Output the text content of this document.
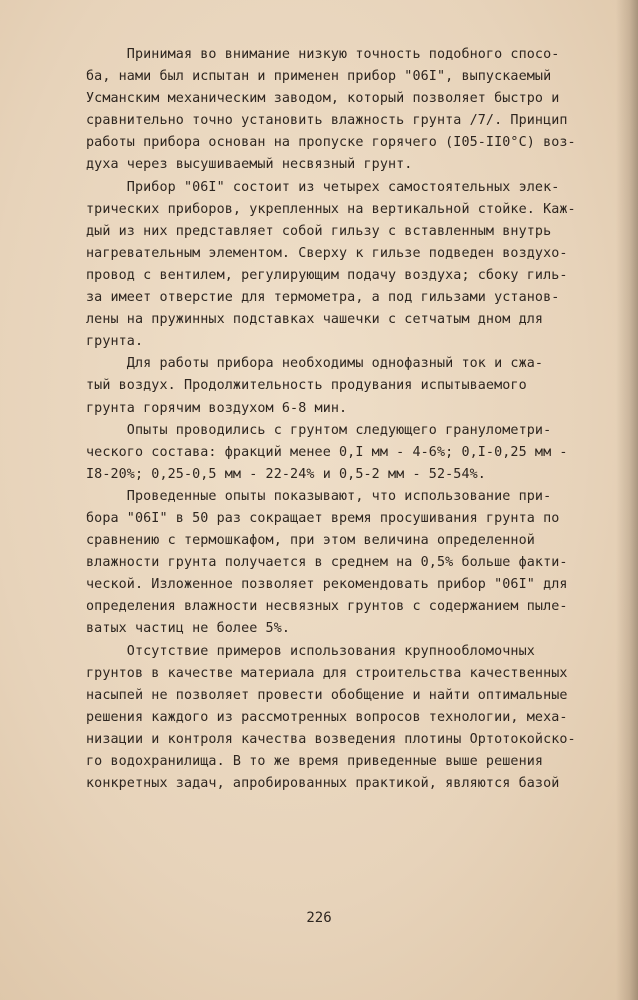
Принимая во внимание низкую точность подобного спосо-
ба, нами был испытан и применен прибор "06I", выпускаемый
Усманским механическим заводом, который позволяет быстро и
сравнительно точно установить влажность грунта /7/. Принцип
работы прибора основан на пропуске горячего (I05-II0°С) воз-
духа через высушиваемый несвязный грунт.
Прибор "06I" состоит из четырех самостоятельных элек-
трических приборов, укрепленных на вертикальной стойке. Каж-
дый из них представляет собой гильзу с вставленным внутрь
нагревательным элементом. Сверху к гильзе подведен воздухо-
провод с вентилем, регулирующим подачу воздуха; сбоку гиль-
за имеет отверстие для термометра, а под гильзами установ-
лены на пружинных подставках чашечки с сетчатым дном для
грунта.
Для работы прибора необходимы однофазный ток и сжа-
тый воздух. Продолжительность продувания испытываемого
грунта горячим воздухом 6-8 мин.
Опыты проводились с грунтом следующего гранулометри-
ческого состава: фракций менее 0,I мм - 4-6%; 0,I-0,25 мм -
I8-20%; 0,25-0,5 мм - 22-24% и 0,5-2 мм - 52-54%.
Проведенные опыты показывают, что использование при-
бора "06I" в 50 раз сокращает время просушивания грунта по
сравнению с термошкафом, при этом величина определенной
влажности грунта получается в среднем на 0,5% больше факти-
ческой. Изложенное позволяет рекомендовать прибор "06I" для
определения влажности несвязных грунтов с содержанием пыле-
ватых частиц не более 5%.
Отсутствие примеров использования крупнообломочных
грунтов в качестве материала для строительства качественных
насыпей не позволяет провести обобщение и найти оптимальные
решения каждого из рассмотренных вопросов технологии, меха-
низации и контроля качества возведения плотины Ортотокойско-
го водохранилища. В то же время приведенные выше решения
конкретных задач, апробированных практикой, являются базой
226
